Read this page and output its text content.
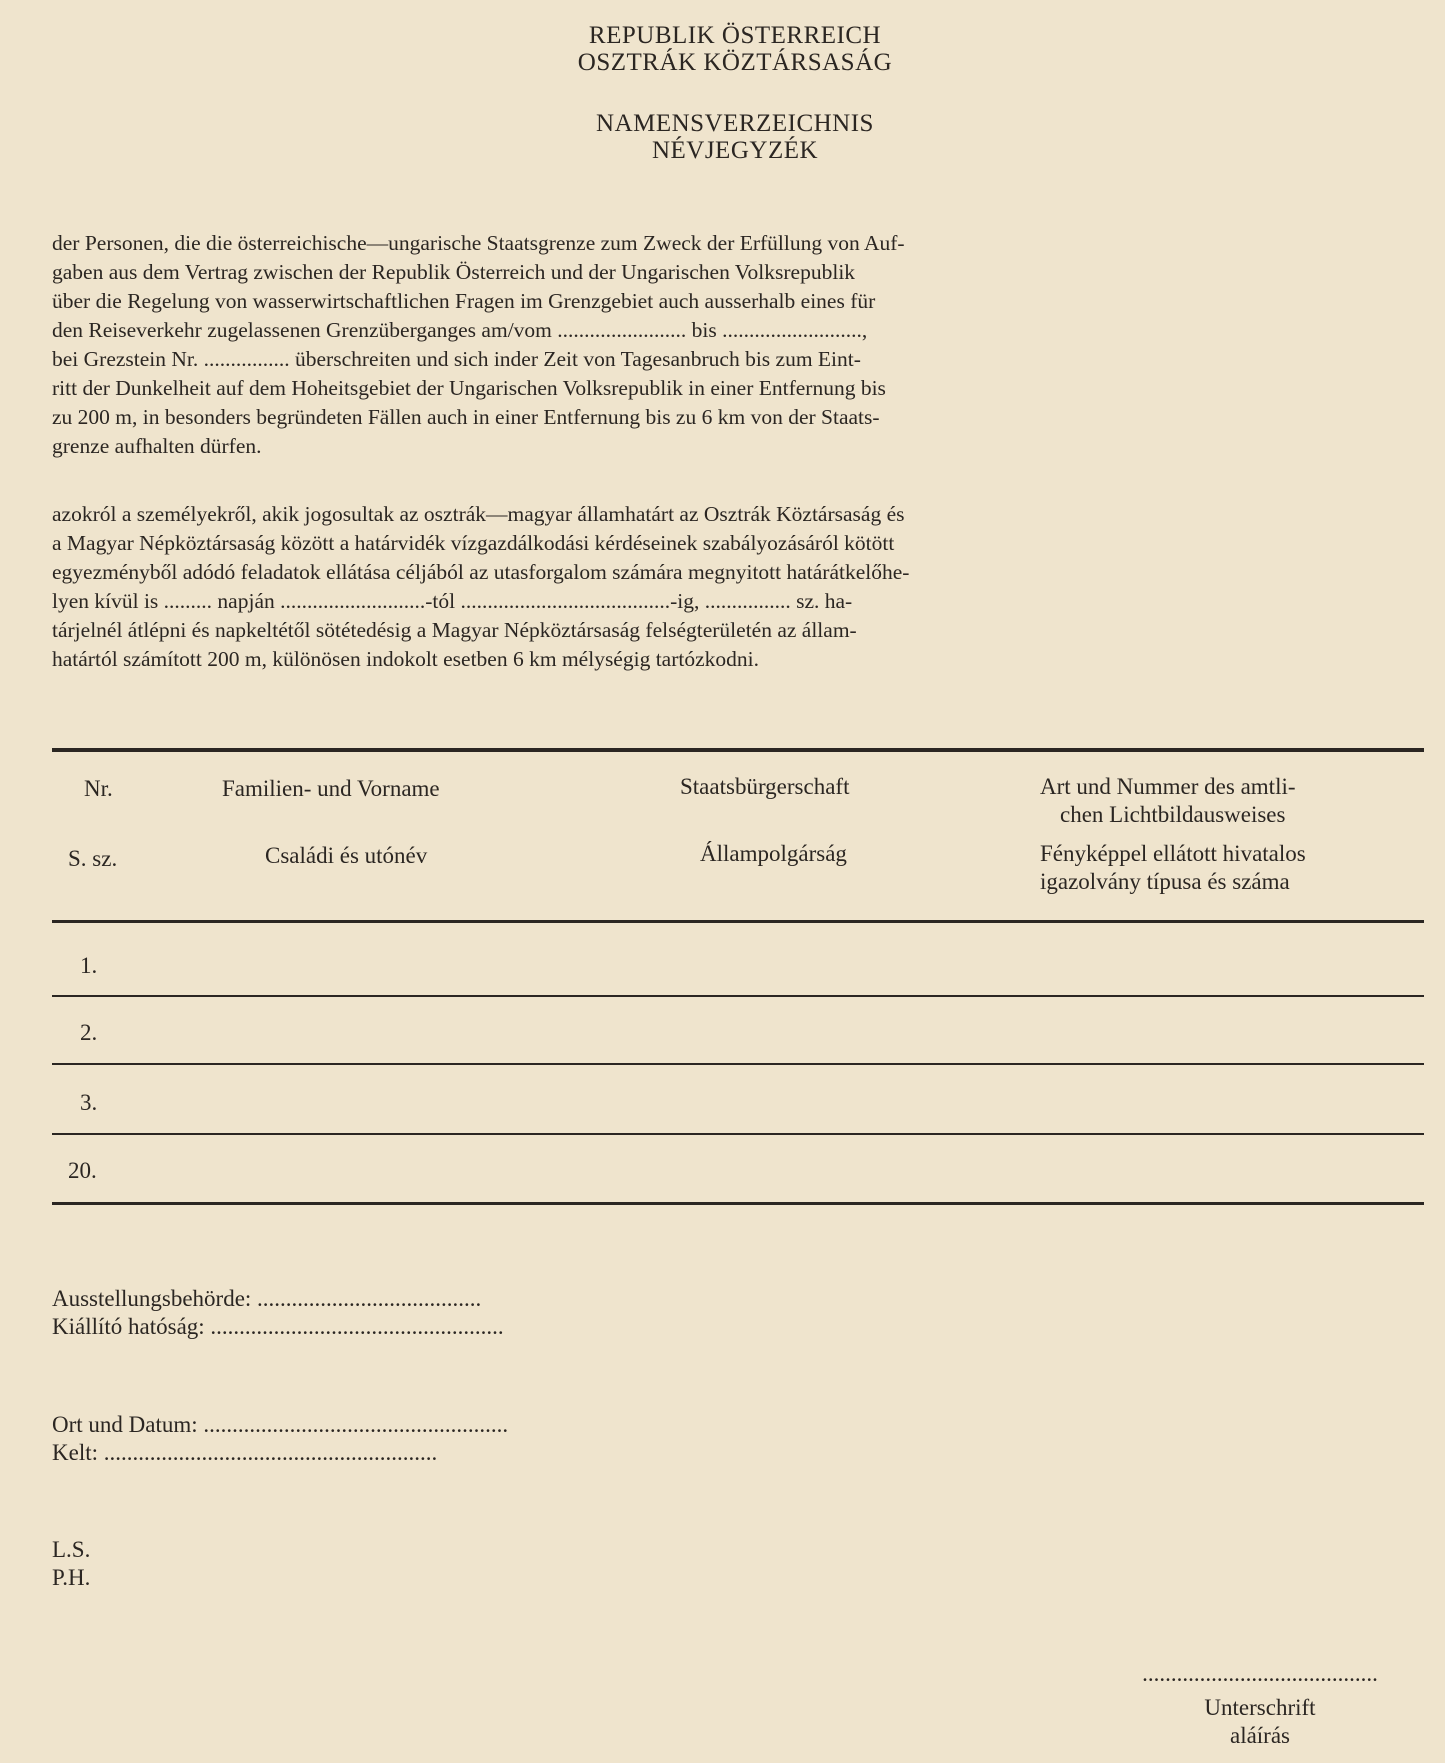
REPUBLIK ÖSTERREICH
OSZTRÁK KÖZTÁRSASÁG
NAMENSVERZEICHNIS
NÉVJEGYZÉK
der Personen, die die österreichische—ungarische Staatsgrenze zum Zweck der Erfüllung von Auf-
gaben aus dem Vertrag zwischen der Republik Österreich und der Ungarischen Volksrepublik
über die Regelung von wasserwirtschaftlichen Fragen im Grenzgebiet auch ausserhalb eines für
den Reiseverkehr zugelassenen Grenzüberganges am/vom ........................ bis ..........................,
bei Grezstein Nr. ................ überschreiten und sich inder Zeit von Tagesanbruch bis zum Eint-
ritt der Dunkelheit auf dem Hoheitsgebiet der Ungarischen Volksrepublik in einer Entfernung bis
zu 200 m, in besonders begründeten Fällen auch in einer Entfernung bis zu 6 km von der Staats-
grenze aufhalten dürfen.
azokról a személyekről, akik jogosultak az osztrák—magyar államhatárt az Osztrák Köztársaság és
a Magyar Népköztársaság között a határvidék vízgazdálkodási kérdéseinek szabályozásáról kötött
egyezményből adódó feladatok ellátása céljából az utasforgalom számára megnyitott határátkelőhe-
lyen kívül is ......... napján ...........................-tól .......................................-ig, ................ sz. ha-
tárjelnél átlépni és napkeltétől sötétedésig a Magyar Népköztársaság felségterületén az állam-
határtól számított 200 m, különösen indokolt esetben 6 km mélységig tartózkodni.
Nr.
S. sz.
Familien- und Vorname
Családi és utónév
Staatsbürgerschaft
Állampolgárság
Art und Nummer des amtli-
chen Lichtbildausweises
Fényképpel ellátott hivatalos
igazolvány típusa és száma
1.
2.
3.
20.
Ausstellungsbehörde: .......................................
Kiállító hatóság: ...................................................
Ort und Datum: .....................................................
Kelt: ..........................................................
L.S.
P.H.
.........................................
Unterschrift
aláírás
